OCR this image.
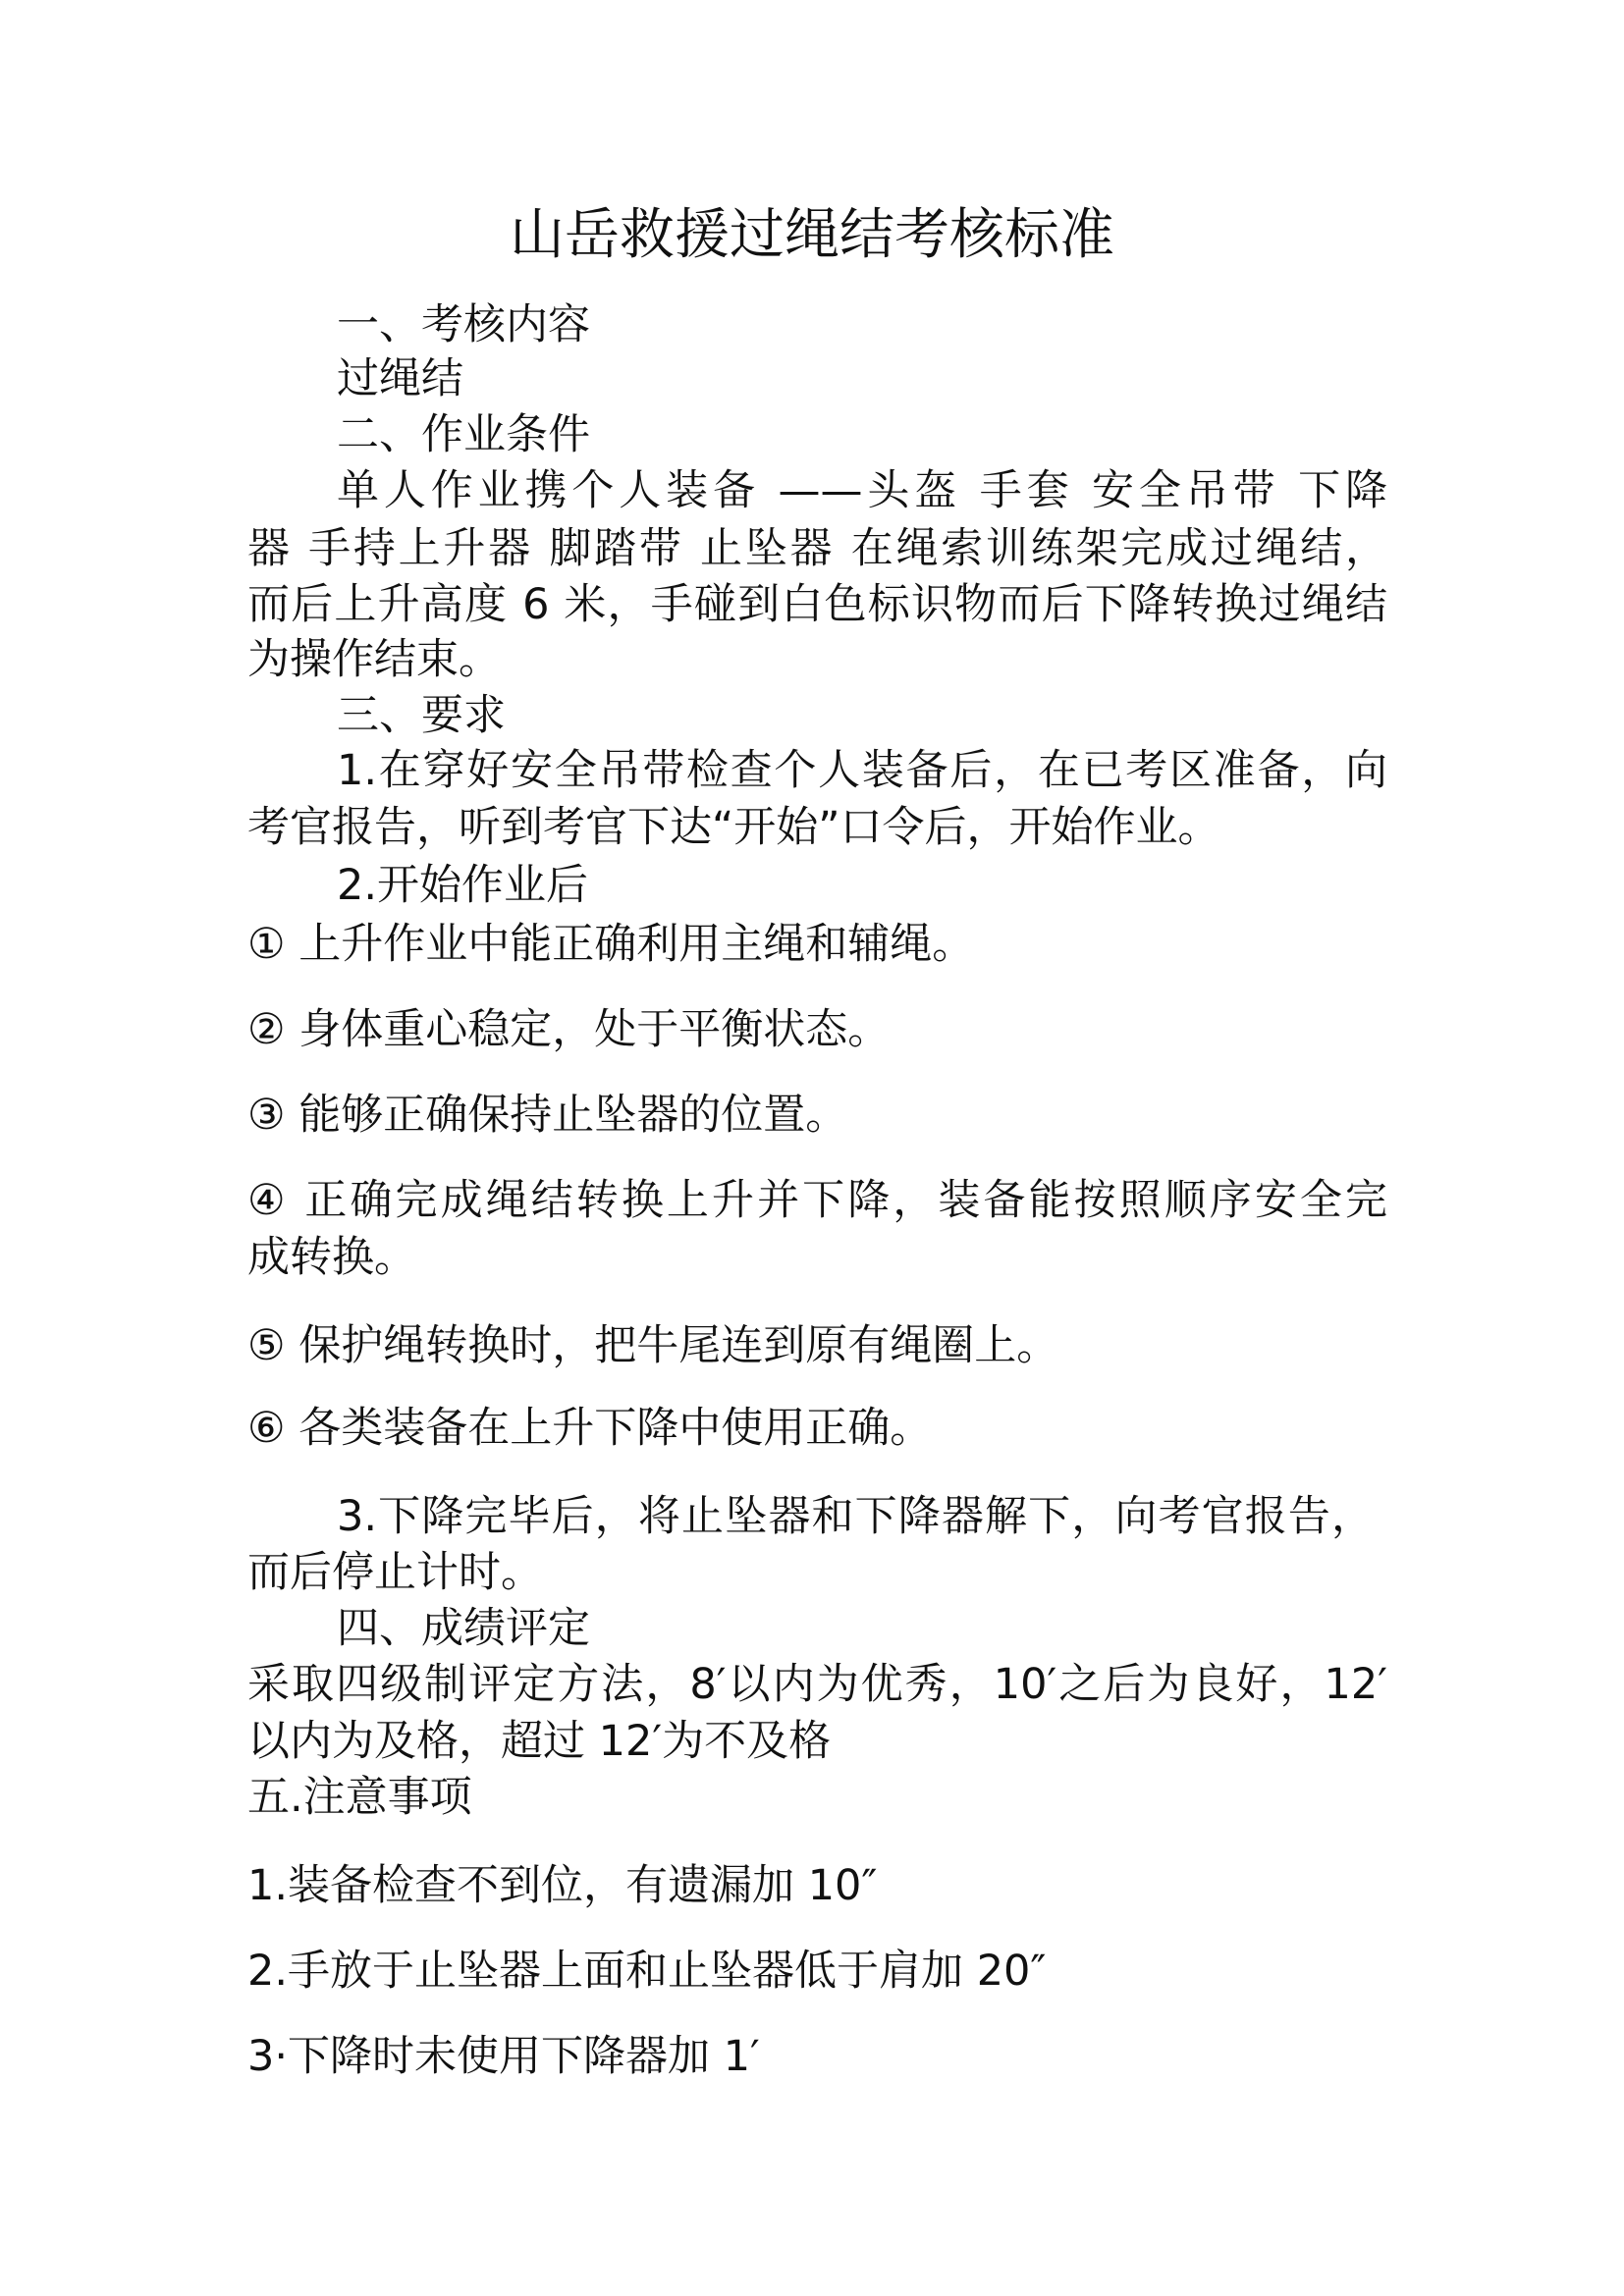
山岳救援过绳结考核标准
一、考核内容
过绳结
二、作业条件
单人作业携个人装备 ——头盔 手套 安全吊带 下降
器 手持上升器 脚踏带 止坠器 在绳索训练架完成过绳结，
而后上升高度 6 米，手碰到白色标识物而后下降转换过绳结
为操作结束。
三、要求
1.在穿好安全吊带检查个人装备后，在已考区准备，向
考官报告，听到考官下达“开始”口令后，开始作业。
2.开始作业后
① 上升作业中能正确利用主绳和辅绳。
② 身体重心稳定，处于平衡状态。
③ 能够正确保持止坠器的位置。
④ 正确完成绳结转换上升并下降，装备能按照顺序安全完
成转换。
⑤ 保护绳转换时，把牛尾连到原有绳圈上。
⑥ 各类装备在上升下降中使用正确。
3.下降完毕后，将止坠器和下降器解下，向考官报告，
而后停止计时。
四、成绩评定
采取四级制评定方法，8′以内为优秀，10′之后为良好，12′
以内为及格，超过 12′为不及格
五.注意事项
1.装备检查不到位，有遗漏加 10″
2.手放于止坠器上面和止坠器低于肩加 20″
3·下降时未使用下降器加 1′
